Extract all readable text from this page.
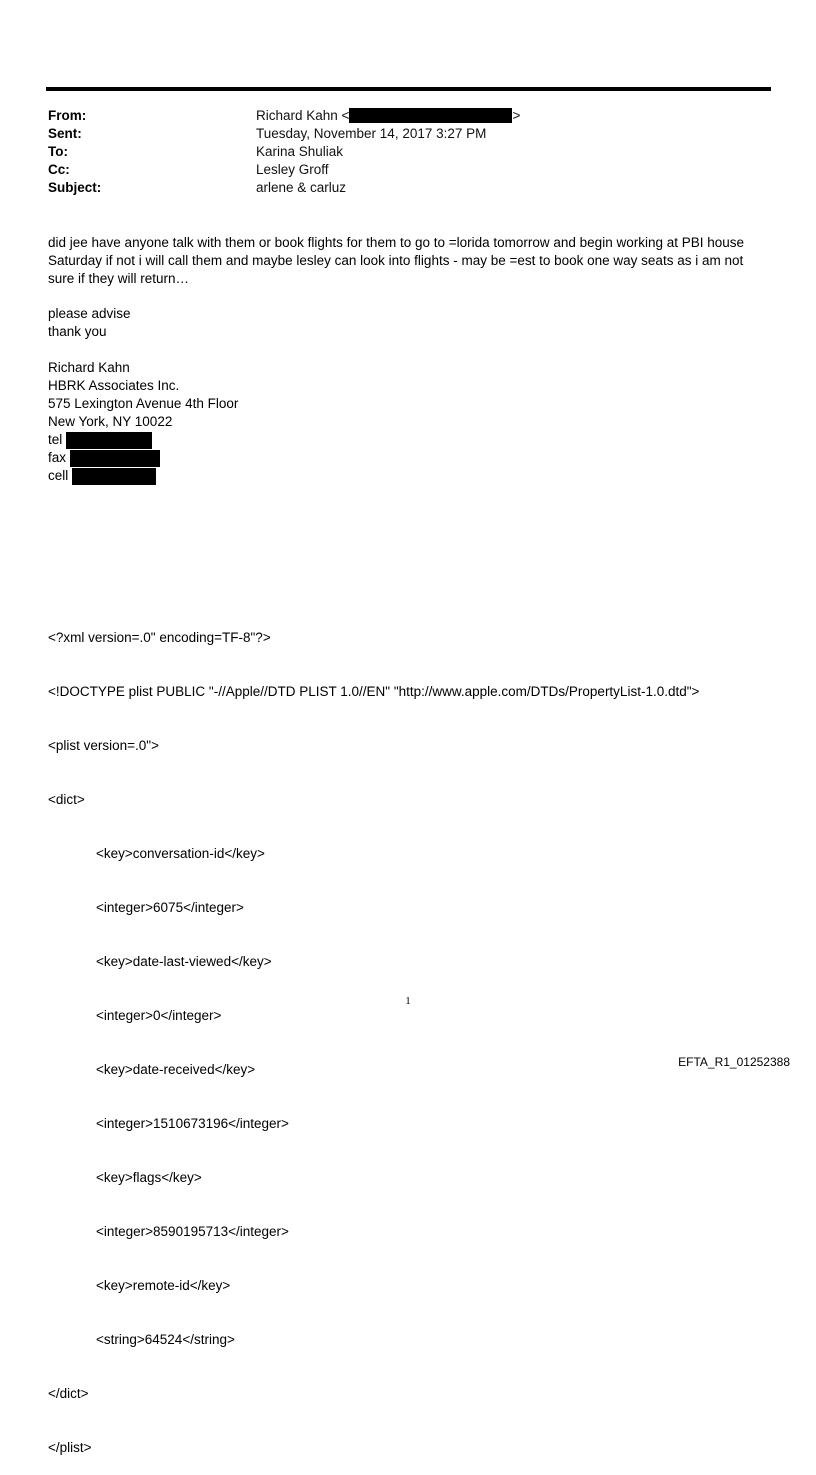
From:	Richard Kahn <	>
Sent:	Tuesday, November 14, 2017 3:27 PM
To:	Karina Shuliak
Cc:	Lesley Groff
Subject:	arlene & carluz

did jee have anyone talk with them or book flights for them to go to =lorida tomorrow and begin working at PBI house Saturday if not i will call them and maybe lesley can look into flights - may be =est to book one way seats as i am not sure if they will return…

please advise
thank you
Richard Kahn
HBRK Associates Inc.
575 Lexington Avenue 4th Floor
New York, NY 10022
tel
fax
cell

<?xml version=.0" encoding=TF-8"?>

<!DOCTYPE plist PUBLIC "-//Apple//DTD PLIST 1.0//EN" "http://www.apple.com/DTDs/PropertyList-1.0.dtd">

<plist version=.0">

<dict>

<key>conversation-id</key>

<integer>6075</integer>

<key>date-last-viewed</key>

<integer>0</integer>

<key>date-received</key>

<integer>1510673196</integer>

<key>flags</key>

<integer>8590195713</integer>

<key>remote-id</key>

<string>64524</string>

</dict>

</plist>

1
EFTA_R1_01252388
